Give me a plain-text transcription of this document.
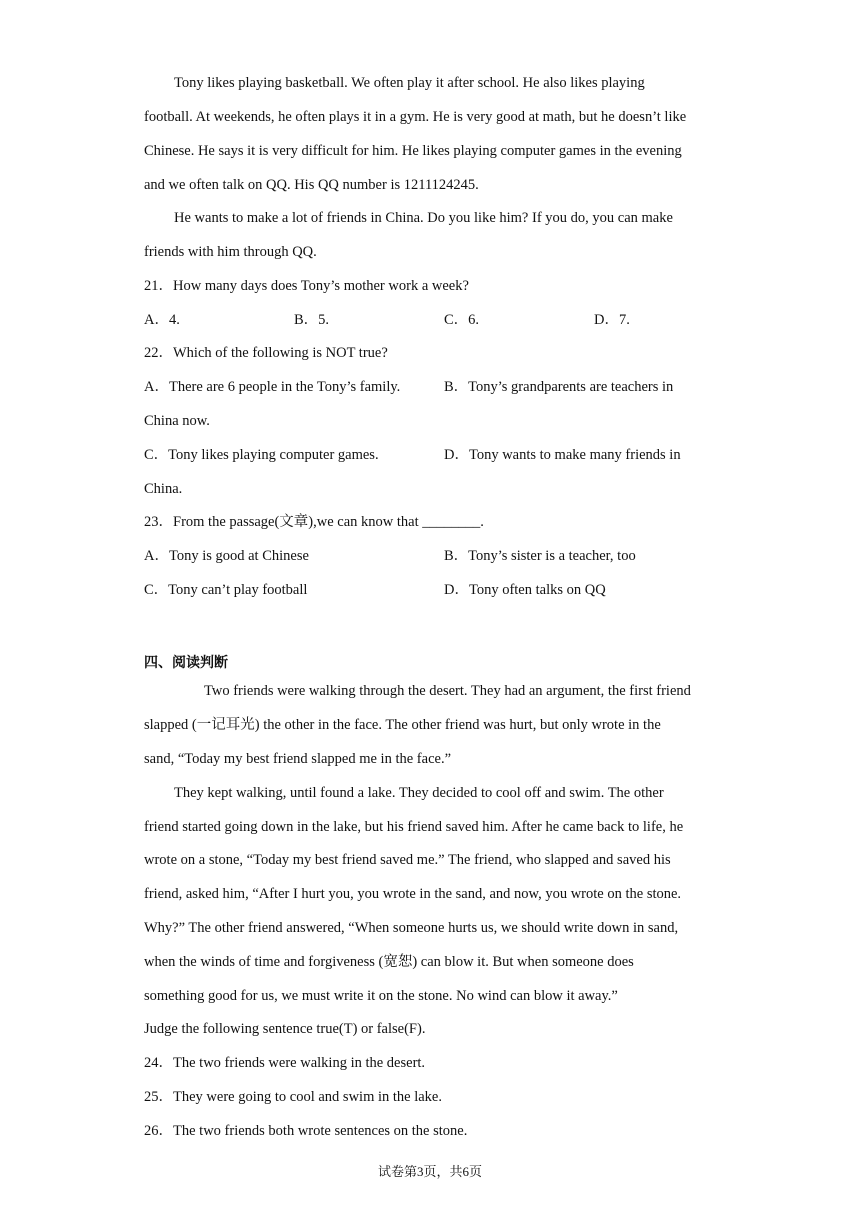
Tony likes playing basketball. We often play it after school. He also likes playing
football. At weekends, he often plays it in a gym. He is very good at math, but he doesn’t like
Chinese. He says it is very difficult for him. He likes playing computer games in the evening
and we often talk on QQ. His QQ number is 1211124245.
He wants to make a lot of friends in China. Do you like him? If you do, you can make
friends with him through QQ.
21．How many days does Tony’s mother work a week?
A．4.	B．5.	C．6.	D．7.
22．Which of the following is NOT true?
A．There are 6 people in the Tony’s family.	B．Tony’s grandparents are teachers in
China now.
C．Tony likes playing computer games.	D．Tony wants to make many friends in
China.
23．From the passage(文章),we can know that ________.
A．Tony is good at Chinese	B．Tony’s sister is a teacher, too
C．Tony can’t play football	D．Tony often talks on QQ
四、阅读判断
Two friends were walking through the desert. They had an argument, the first friend
slapped (一记耳光) the other in the face. The other friend was hurt, but only wrote in the
sand, “Today my best friend slapped me in the face.”
They kept walking, until found a lake. They decided to cool off and swim. The other
friend started going down in the lake, but his friend saved him. After he came back to life, he
wrote on a stone, “Today my best friend saved me.” The friend, who slapped and saved his
friend, asked him, “After I hurt you, you wrote in the sand, and now, you wrote on the stone.
Why?” The other friend answered, “When someone hurts us, we should write down in sand,
when the winds of time and forgiveness (宽恕) can blow it. But when someone does
something good for us, we must write it on the stone. No wind can blow it away.”
Judge the following sentence true(T) or false(F).
24．The two friends were walking in the desert.
25．They were going to cool and swim in the lake.
26．The two friends both wrote sentences on the stone.
试卷第3页，共6页
